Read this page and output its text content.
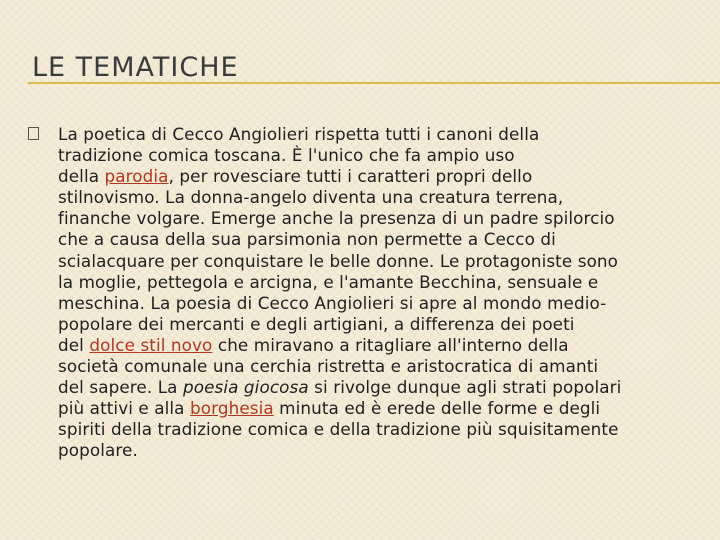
LE TEMATICHE
La poetica di Cecco Angiolieri rispetta tutti i canoni della
tradizione comica toscana. È l'unico che fa ampio uso
della parodia, per rovesciare tutti i caratteri propri dello
stilnovismo. La donna-angelo diventa una creatura terrena,
finanche volgare. Emerge anche la presenza di un padre spilorcio
che a causa della sua parsimonia non permette a Cecco di
scialacquare per conquistare le belle donne. Le protagoniste sono
la moglie, pettegola e arcigna, e l'amante Becchina, sensuale e
meschina. La poesia di Cecco Angiolieri si apre al mondo medio-
popolare dei mercanti e degli artigiani, a differenza dei poeti
del dolce stil novo che miravano a ritagliare all'interno della
società comunale una cerchia ristretta e aristocratica di amanti
del sapere. La poesia giocosa si rivolge dunque agli strati popolari
più attivi e alla borghesia minuta ed è erede delle forme e degli
spiriti della tradizione comica e della tradizione più squisitamente
popolare.
